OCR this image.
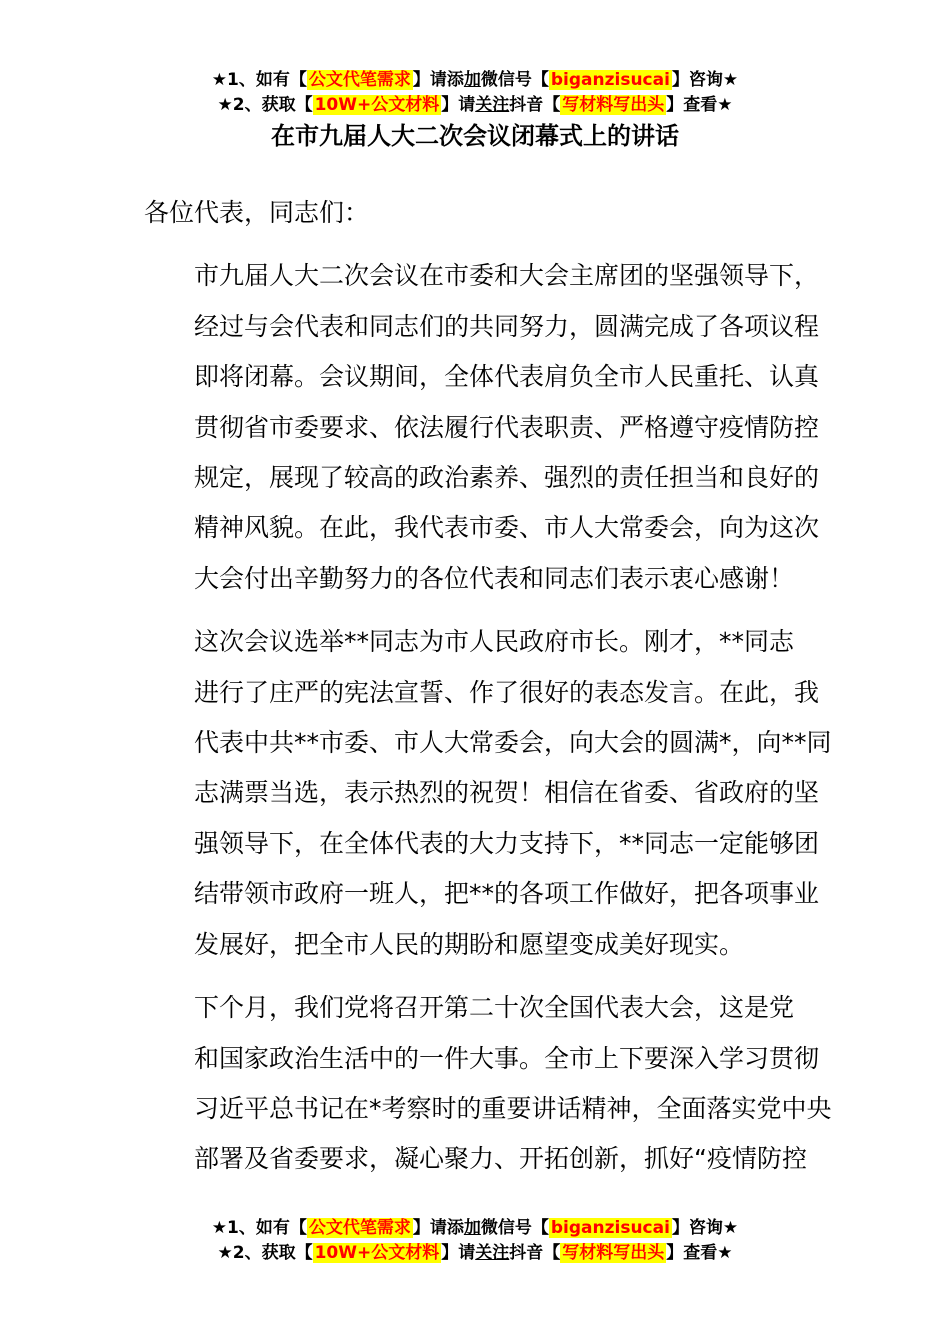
★1、如有【 公文代笔需求 】请添加微信号【 biganzisucai 】咨询★
★2、获取【 10W+公文材料 】请关注抖音【 写材料写出头 】查看★
在市九届人大二次会议闭幕式上的讲话
各位代表，同志们：
市九届人大二次会议在市委和大会主席团的坚强领导下，
经过与会代表和同志们的共同努力，圆满完成了各项议程
即将闭幕。会议期间，全体代表肩负全市人民重托、认真
贯彻省市委要求、依法履行代表职责、严格遵守疫情防控
规定，展现了较高的政治素养、强烈的责任担当和良好的
精神风貌。在此，我代表市委、市人大常委会，向为这次
大会付出辛勤努力的各位代表和同志们表示衷心感谢！
这次会议选举**同志为市人民政府市长。刚才，**同志
进行了庄严的宪法宣誓、作了很好的表态发言。在此，我
代表中共**市委、市人大常委会，向大会的圆满*，向**同
志满票当选，表示热烈的祝贺！相信在省委、省政府的坚
强领导下，在全体代表的大力支持下，**同志一定能够团
结带领市政府一班人，把**的各项工作做好，把各项事业
发展好，把全市人民的期盼和愿望变成美好现实。
下个月，我们党将召开第二十次全国代表大会，这是党
和国家政治生活中的一件大事。全市上下要深入学习贯彻
习近平总书记在*考察时的重要讲话精神，全面落实党中央
部署及省委要求，凝心聚力、开拓创新，抓好“疫情防控
★1、如有【 公文代笔需求 】请添加微信号【 biganzisucai 】咨询★
★2、获取【 10W+公文材料 】请关注抖音【 写材料写出头 】查看★
